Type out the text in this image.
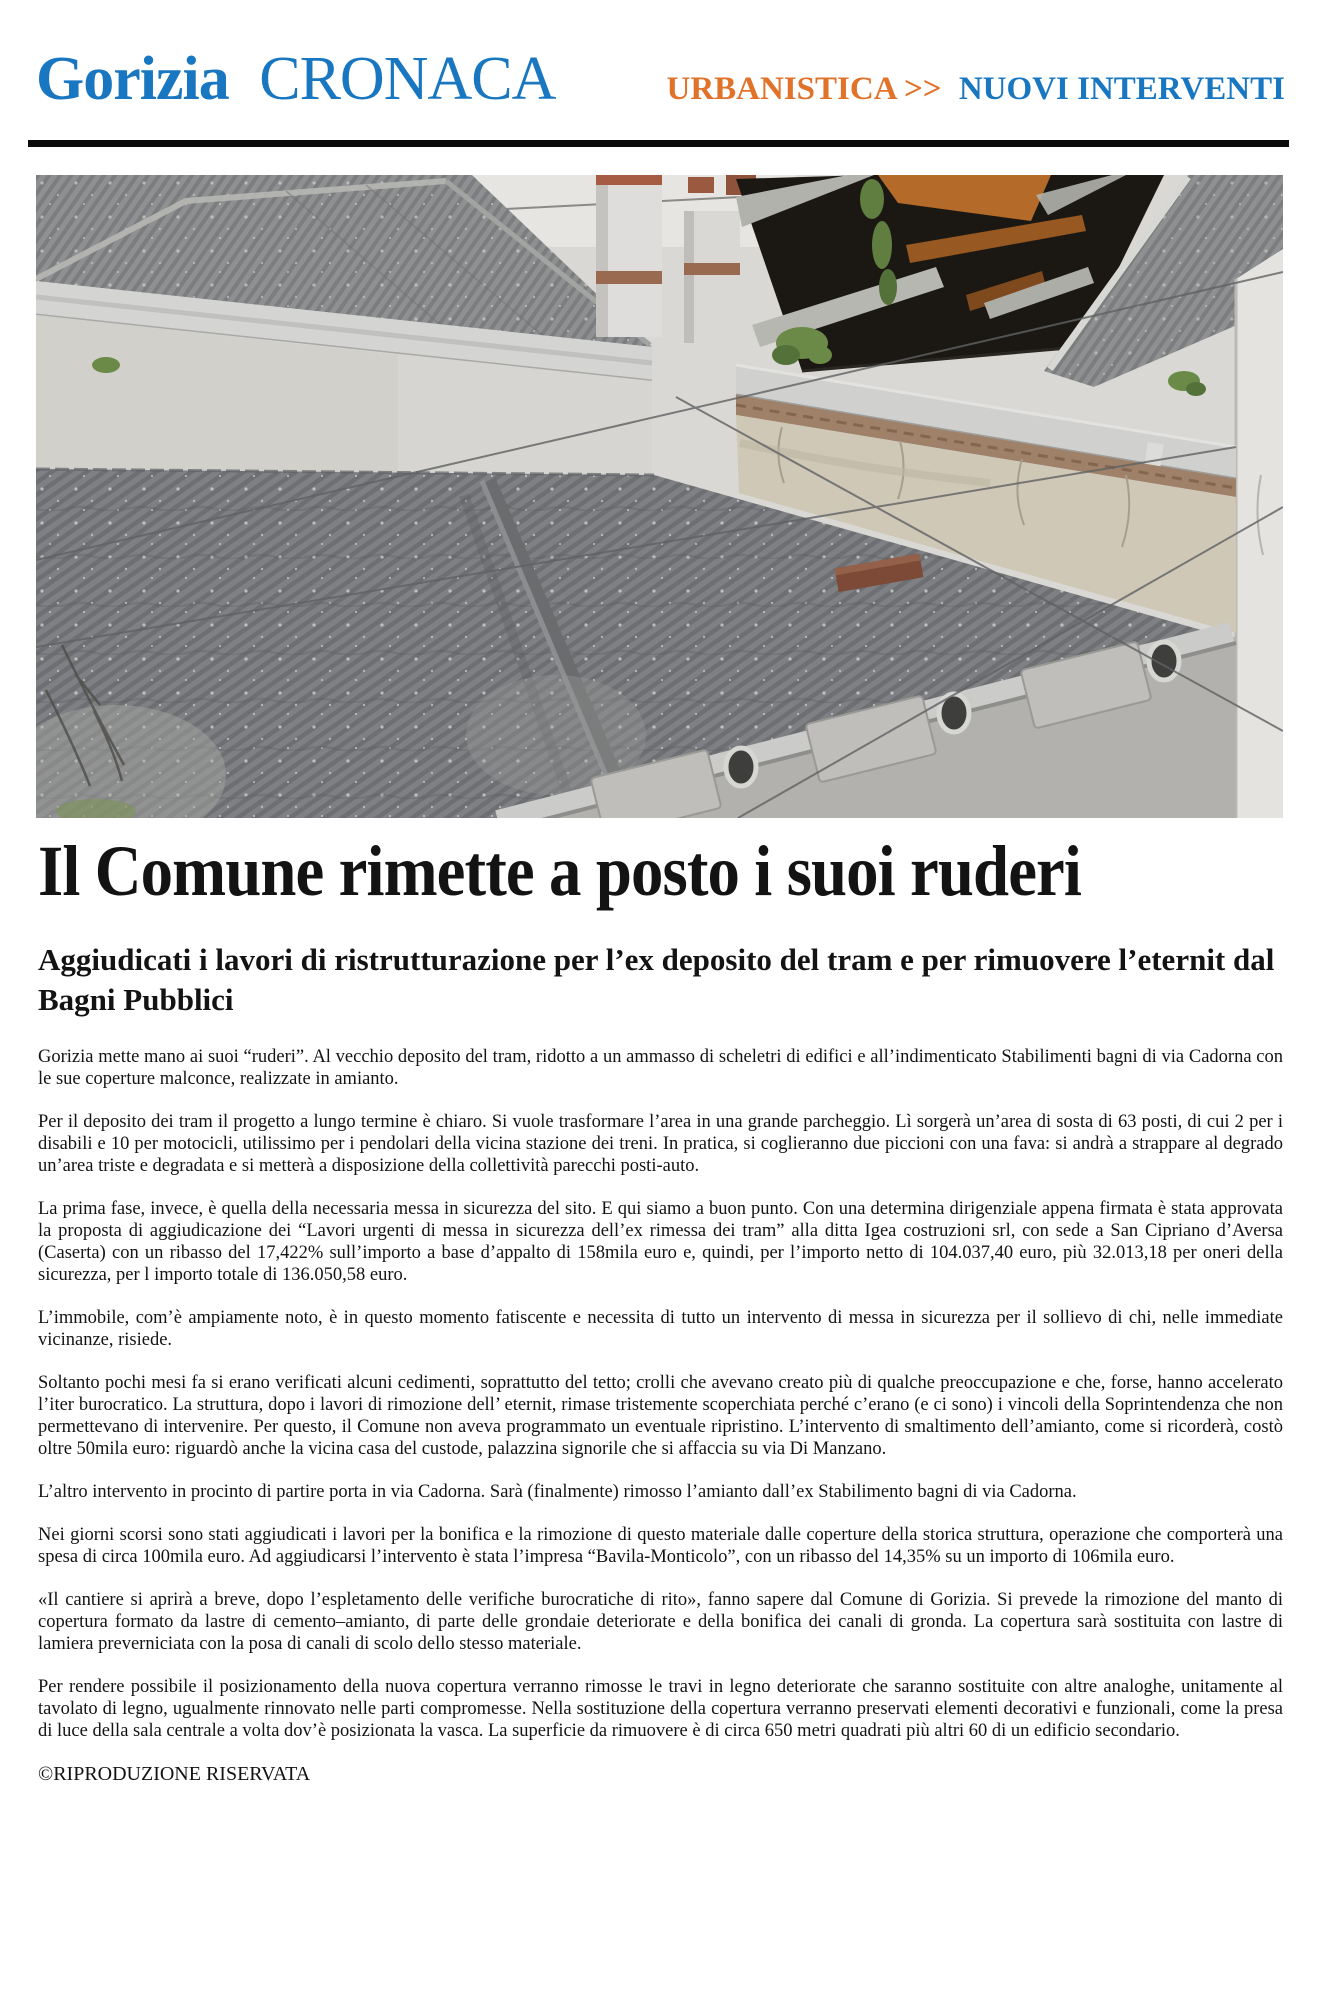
Gorizia CRONACA	URBANISTICA >> NUOVI INTERVENTI
Il Comune rimette a posto i suoi ruderi
Aggiudicati i lavori di ristrutturazione per l’ex deposito del tram e per rimuovere l’eternit dal Bagni Pubblici

Gorizia mette mano ai suoi “ruderi”. Al vecchio deposito del tram, ridotto a un ammasso di scheletri di edifici e all’indimenticato Stabilimenti bagni di via Cadorna con le sue coperture malconce, realizzate in amianto.

Per il deposito dei tram il progetto a lungo termine è chiaro. Si vuole trasformare l’area in una grande parcheggio. Lì sorgerà un’area di sosta di 63 posti, di cui 2 per i disabili e 10 per motocicli, utilissimo per i pendolari della vicina stazione dei treni. In pratica, si coglieranno due piccioni con una fava: si andrà a strappare al degrado un’area triste e degradata e si metterà a disposizione della collettività parecchi posti-auto.

La prima fase, invece, è quella della necessaria messa in sicurezza del sito. E qui siamo a buon punto. Con una determina dirigenziale appena firmata è stata approvata la proposta di aggiudicazione dei “Lavori urgenti di messa in sicurezza dell’ex rimessa dei tram” alla ditta Igea costruzioni srl, con sede a San Cipriano d’Aversa (Caserta) con un ribasso del 17,422% sull’importo a base d’appalto di 158mila euro e, quindi, per l’importo netto di 104.037,40 euro, più 32.013,18 per oneri della sicurezza, per l importo totale di 136.050,58 euro.

L’immobile, com’è ampiamente noto, è in questo momento fatiscente e necessita di tutto un intervento di messa in sicurezza per il sollievo di chi, nelle immediate vicinanze, risiede.

Soltanto pochi mesi fa si erano verificati alcuni cedimenti, soprattutto del tetto; crolli che avevano creato più di qualche preoccupazione e che, forse, hanno accelerato l’iter burocratico. La struttura, dopo i lavori di rimozione dell’ eternit, rimase tristemente scoperchiata perché c’erano (e ci sono) i vincoli della Soprintendenza che non permettevano di intervenire. Per questo, il Comune non aveva programmato un eventuale ripristino. L’intervento di smaltimento dell’amianto, come si ricorderà, costò oltre 50mila euro: riguardò anche la vicina casa del custode, palazzina signorile che si affaccia su via Di Manzano.

L’altro intervento in procinto di partire porta in via Cadorna. Sarà (finalmente) rimosso l’amianto dall’ex Stabilimento bagni di via Cadorna.

Nei giorni scorsi sono stati aggiudicati i lavori per la bonifica e la rimozione di questo materiale dalle coperture della storica struttura, operazione che comporterà una spesa di circa 100mila euro. Ad aggiudicarsi l’intervento è stata l’impresa “Bavila-Monticolo”, con un ribasso del 14,35% su un importo di 106mila euro.

«Il cantiere si aprirà a breve, dopo l’espletamento delle verifiche burocratiche di rito», fanno sapere dal Comune di Gorizia. Si prevede la rimozione del manto di copertura formato da lastre di cemento–amianto, di parte delle grondaie deteriorate e della bonifica dei canali di gronda. La copertura sarà sostituita con lastre di lamiera preverniciata con la posa di canali di scolo dello stesso materiale.

Per rendere possibile il posizionamento della nuova copertura verranno rimosse le travi in legno deteriorate che saranno sostituite con altre analoghe, unitamente al tavolato di legno, ugualmente rinnovato nelle parti compromesse. Nella sostituzione della copertura verranno preservati elementi decorativi e funzionali, come la presa di luce della sala centrale a volta dov’è posizionata la vasca. La superficie da rimuovere è di circa 650 metri quadrati più altri 60 di un edificio secondario.

©RIPRODUZIONE RISERVATA
